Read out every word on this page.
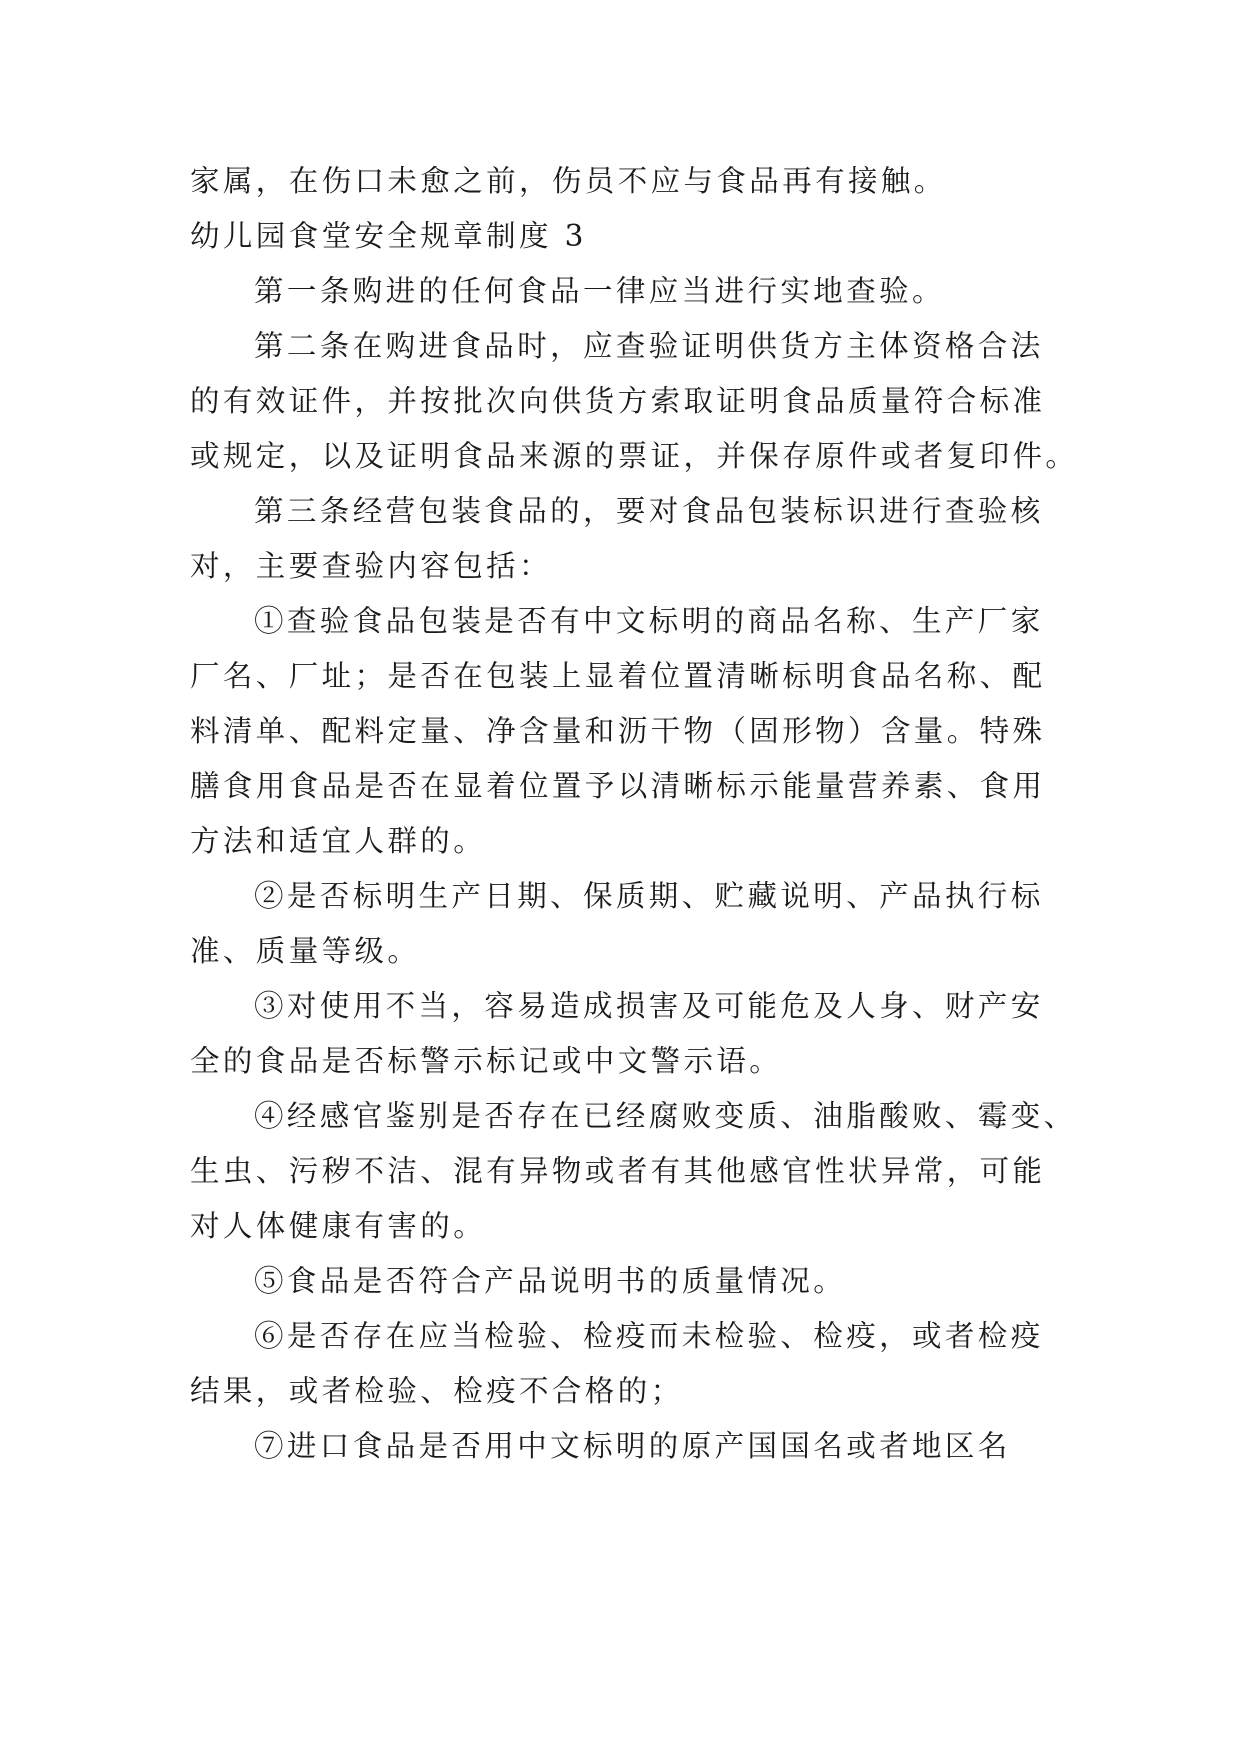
家属，在伤口未愈之前，伤员不应与食品再有接触。
幼儿园食堂安全规章制度 3
第一条购进的任何食品一律应当进行实地查验。
第二条在购进食品时，应查验证明供货方主体资格合法
的有效证件，并按批次向供货方索取证明食品质量符合标准
或规定，以及证明食品来源的票证，并保存原件或者复印件。
第三条经营包装食品的，要对食品包装标识进行查验核
对，主要查验内容包括：
①查验食品包装是否有中文标明的商品名称、生产厂家
厂名、厂址；是否在包装上显着位置清晰标明食品名称、配
料清单、配料定量、净含量和沥干物（固形物）含量。特殊
膳食用食品是否在显着位置予以清晰标示能量营养素、食用
方法和适宜人群的。
②是否标明生产日期、保质期、贮藏说明、产品执行标
准、质量等级。
③对使用不当，容易造成损害及可能危及人身、财产安
全的食品是否标警示标记或中文警示语。
④经感官鉴别是否存在已经腐败变质、油脂酸败、霉变、
生虫、污秽不洁、混有异物或者有其他感官性状异常，可能
对人体健康有害的。
⑤食品是否符合产品说明书的质量情况。
⑥是否存在应当检验、检疫而未检验、检疫，或者检疫
结果，或者检验、检疫不合格的；
⑦进口食品是否用中文标明的原产国国名或者地区名
